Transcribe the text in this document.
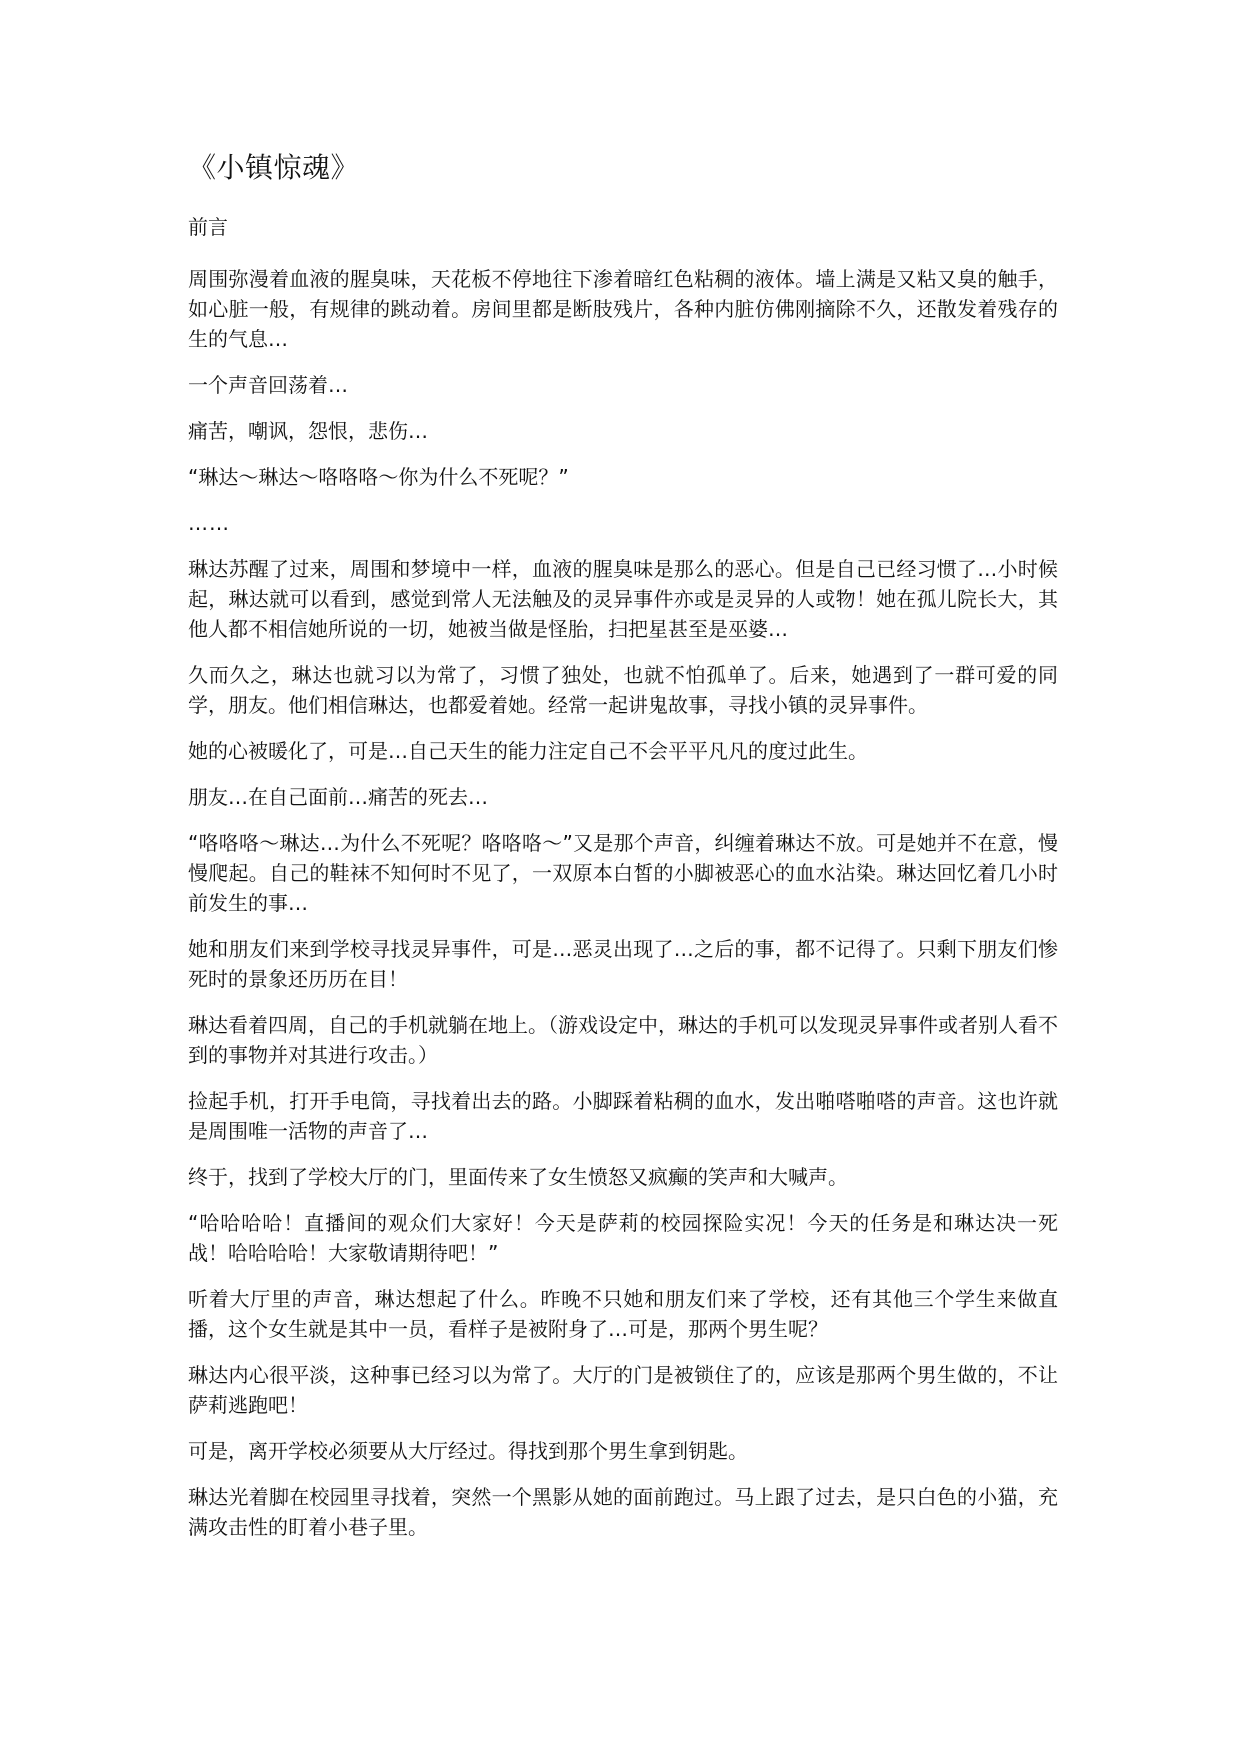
《小镇惊魂》
前言

周围弥漫着血液的腥臭味，天花板不停地往下渗着暗红色粘稠的液体。墙上满是又粘又臭的触手，如心脏一般，有规律的跳动着。房间里都是断肢残片，各种内脏仿佛刚摘除不久，还散发着残存的生的气息…

一个声音回荡着…

痛苦，嘲讽，怨恨，悲伤…

“琳达～琳达～咯咯咯～你为什么不死呢？”

……

琳达苏醒了过来，周围和梦境中一样，血液的腥臭味是那么的恶心。但是自己已经习惯了…小时候起，琳达就可以看到，感觉到常人无法触及的灵异事件亦或是灵异的人或物！她在孤儿院长大，其他人都不相信她所说的一切，她被当做是怪胎，扫把星甚至是巫婆…

久而久之，琳达也就习以为常了，习惯了独处，也就不怕孤单了。后来，她遇到了一群可爱的同学，朋友。他们相信琳达，也都爱着她。经常一起讲鬼故事，寻找小镇的灵异事件。

她的心被暖化了，可是…自己天生的能力注定自己不会平平凡凡的度过此生。

朋友…在自己面前…痛苦的死去…

“咯咯咯～琳达…为什么不死呢？咯咯咯～”又是那个声音，纠缠着琳达不放。可是她并不在意，慢慢爬起。自己的鞋袜不知何时不见了，一双原本白皙的小脚被恶心的血水沾染。琳达回忆着几小时前发生的事…

她和朋友们来到学校寻找灵异事件，可是…恶灵出现了…之后的事，都不记得了。只剩下朋友们惨死时的景象还历历在目！

琳达看着四周，自己的手机就躺在地上。（游戏设定中，琳达的手机可以发现灵异事件或者别人看不到的事物并对其进行攻击。）

捡起手机，打开手电筒，寻找着出去的路。小脚踩着粘稠的血水，发出啪嗒啪嗒的声音。这也许就是周围唯一活物的声音了…

终于，找到了学校大厅的门，里面传来了女生愤怒又疯癫的笑声和大喊声。

“哈哈哈哈！直播间的观众们大家好！今天是萨莉的校园探险实况！今天的任务是和琳达决一死战！哈哈哈哈！大家敬请期待吧！”

听着大厅里的声音，琳达想起了什么。昨晚不只她和朋友们来了学校，还有其他三个学生来做直播，这个女生就是其中一员，看样子是被附身了…可是，那两个男生呢？

琳达内心很平淡，这种事已经习以为常了。大厅的门是被锁住了的，应该是那两个男生做的，不让萨莉逃跑吧！

可是，离开学校必须要从大厅经过。得找到那个男生拿到钥匙。

琳达光着脚在校园里寻找着，突然一个黑影从她的面前跑过。马上跟了过去，是只白色的小猫，充满攻击性的盯着小巷子里。
